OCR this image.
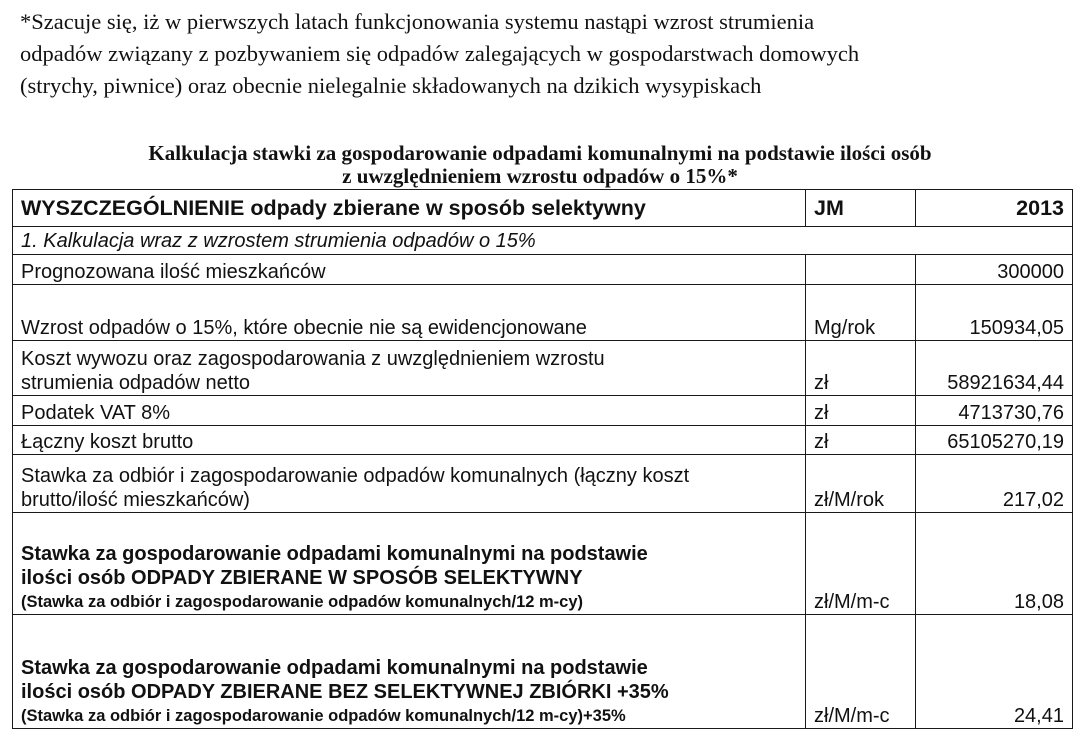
*Szacuje się, iż w pierwszych latach funkcjonowania systemu nastąpi wzrost strumienia
odpadów związany z pozbywaniem się odpadów zalegających w gospodarstwach domowych
(strychy, piwnice) oraz obecnie nielegalnie składowanych na dzikich wysypiskach
Kalkulacja stawki za gospodarowanie odpadami komunalnymi na podstawie ilości osób
z uwzględnieniem wzrostu odpadów o 15%*
WYSZCZEGÓLNIENIE odpady zbierane w sposób selektywny	JM	2013
1. Kalkulacja wraz z wzrostem strumienia odpadów o 15%		
Prognozowana ilość mieszkańców		300000
Wzrost odpadów o 15%, które obecnie nie są ewidencjonowane	Mg/rok	150934,05

Koszt wywozu oraz zagospodarowania z uwzględnieniem wzrostu
strumienia odpadów netto	zł	58921634,44
Podatek VAT 8%	zł	4713730,76
Łączny koszt brutto	zł	65105270,19

Stawka za odbiór i zagospodarowanie odpadów komunalnych (łączny koszt
brutto/ilość mieszkańców)	zł/M/rok	217,02

Stawka za gospodarowanie odpadami komunalnymi na podstawie
ilości osób ODPADY ZBIERANE W SPOSÓB SELEKTYWNY
(Stawka za odbiór i zagospodarowanie odpadów komunalnych/12 m-cy)	zł/M/m-c	18,08

Stawka za gospodarowanie odpadami komunalnymi na podstawie
ilości osób ODPADY ZBIERANE BEZ SELEKTYWNEJ ZBIÓRKI +35%
(Stawka za odbiór i zagospodarowanie odpadów komunalnych/12 m-cy)+35%	zł/M/m-c	24,41
